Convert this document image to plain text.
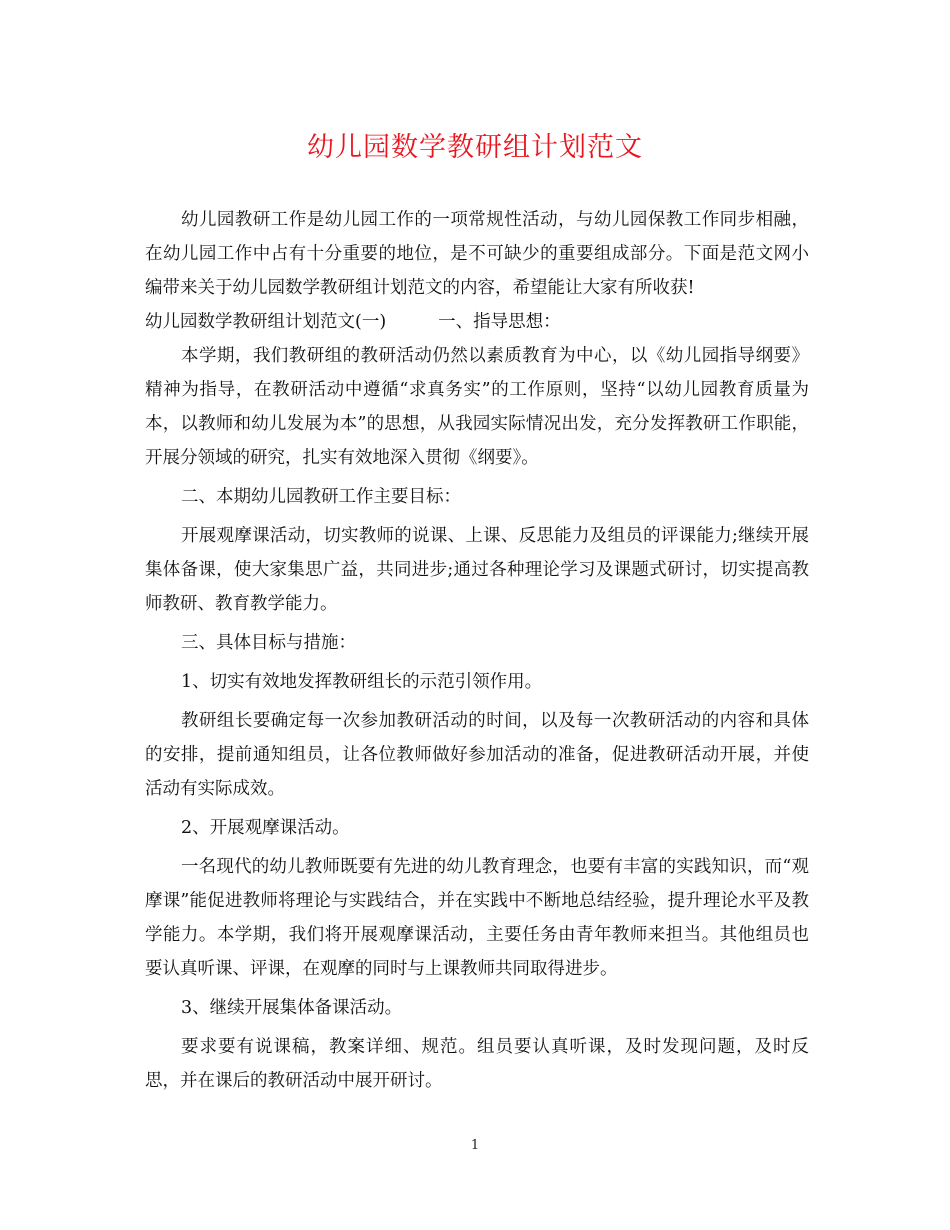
幼儿园数学教研组计划范文

幼儿园教研工作是幼儿园工作的一项常规性活动，与幼儿园保教工作同步相融，在幼儿园工作中占有十分重要的地位，是不可缺少的重要组成部分。下面是范文网小编带来关于幼儿园数学教研组计划范文的内容，希望能让大家有所收获!

幼儿园数学教研组计划范文(一)	一、指导思想：

本学期，我们教研组的教研活动仍然以素质教育为中心，以《幼儿园指导纲要》精神为指导，在教研活动中遵循“求真务实”的工作原则，坚持“以幼儿园教育质量为本，以教师和幼儿发展为本”的思想，从我园实际情况出发，充分发挥教研工作职能，开展分领域的研究，扎实有效地深入贯彻《纲要》。

二、本期幼儿园教研工作主要目标：

开展观摩课活动，切实教师的说课、上课、反思能力及组员的评课能力;继续开展集体备课，使大家集思广益，共同进步;通过各种理论学习及课题式研讨，切实提高教师教研、教育教学能力。

三、具体目标与措施：

1、切实有效地发挥教研组长的示范引领作用。

教研组长要确定每一次参加教研活动的时间，以及每一次教研活动的内容和具体的安排，提前通知组员，让各位教师做好参加活动的准备，促进教研活动开展，并使活动有实际成效。

2、开展观摩课活动。

一名现代的幼儿教师既要有先进的幼儿教育理念，也要有丰富的实践知识，而“观摩课”能促进教师将理论与实践结合，并在实践中不断地总结经验，提升理论水平及教学能力。本学期，我们将开展观摩课活动，主要任务由青年教师来担当。其他组员也要认真听课、评课，在观摩的同时与上课教师共同取得进步。

3、继续开展集体备课活动。

要求要有说课稿，教案详细、规范。组员要认真听课，及时发现问题，及时反思，并在课后的教研活动中展开研讨。

1
